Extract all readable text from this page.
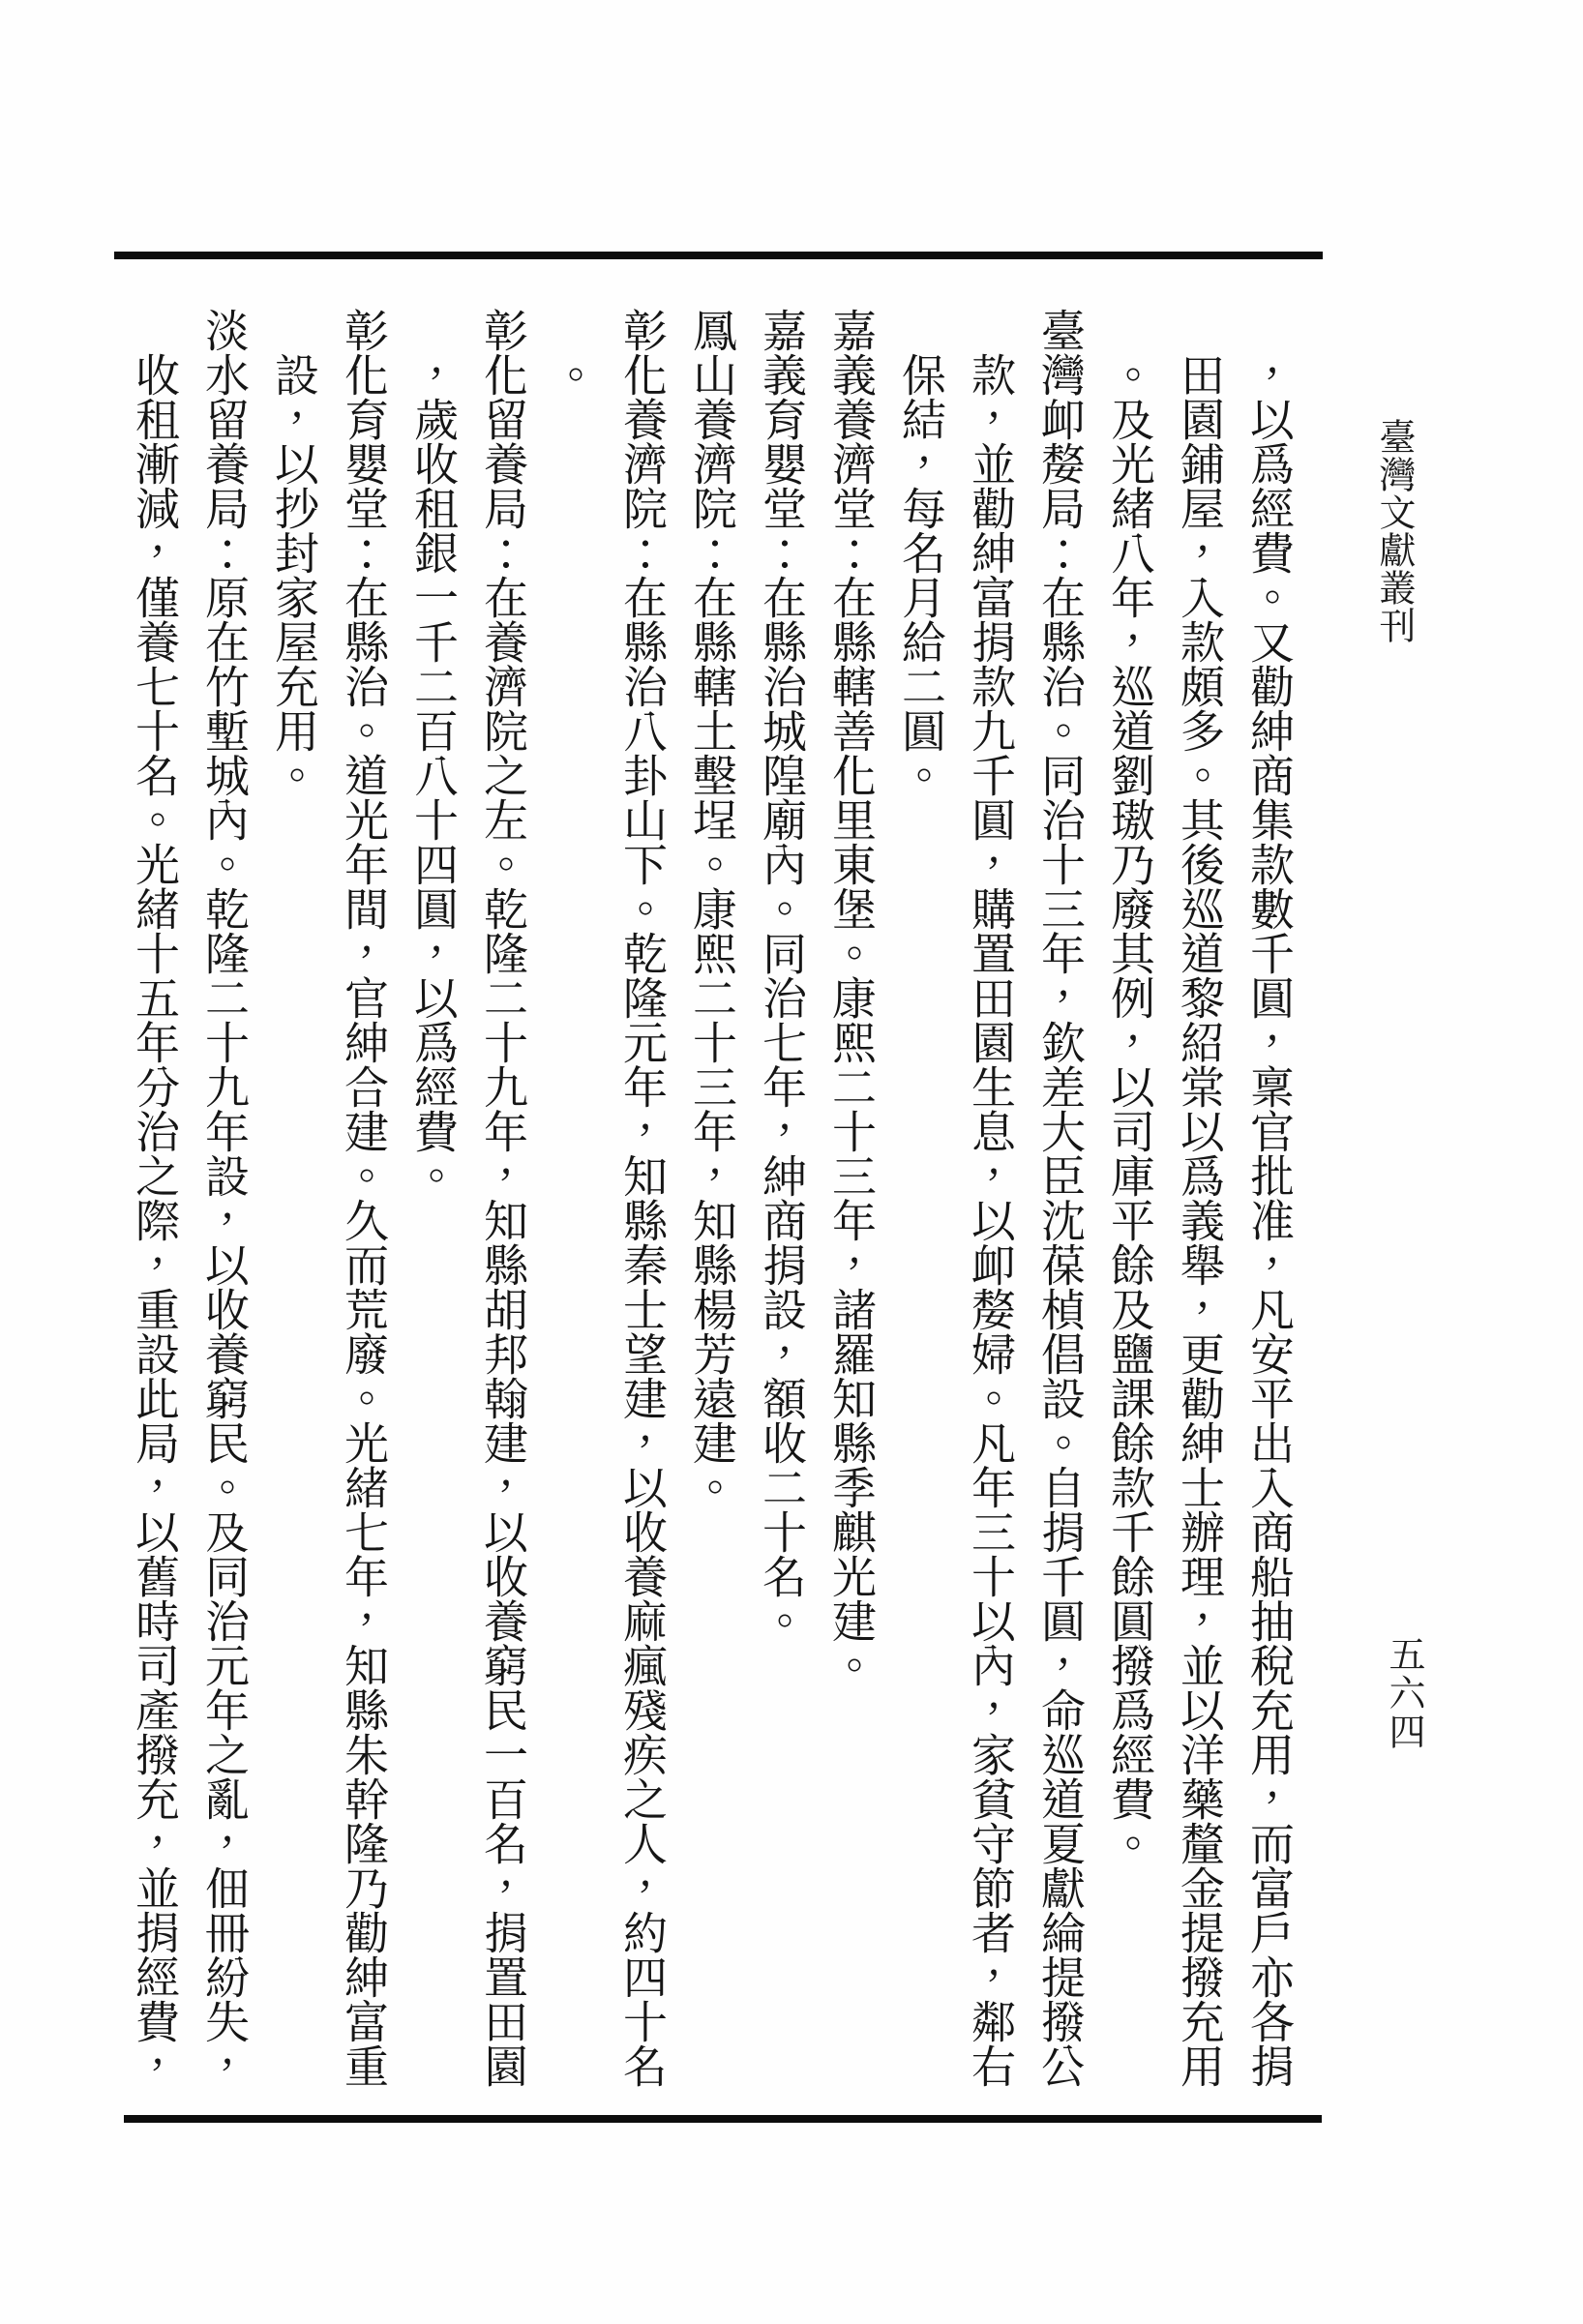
臺灣文獻叢刊
五六四

，以爲經費。又勸紳商集款數千圓，稟官批准，凡安平出入商船抽稅充用，而富戶亦各捐田園鋪屋，入款頗多。其後巡道黎紹棠以爲義舉，更勸紳士辦理，並以洋藥釐金提撥充用。及光緒八年，巡道劉璈乃廢其例，以司庫平餘及鹽課餘款千餘圓撥爲經費。

臺灣卹嫠局：在縣治。同治十三年，欽差大臣沈葆楨倡設。自捐千圓，命巡道夏獻綸提撥公款，並勸紳富捐款九千圓，購置田園生息，以卹嫠婦。凡年三十以內，家貧守節者，鄰右保結，每名月給二圓。

嘉義養濟堂：在縣轄善化里東堡。康熙二十三年，諸羅知縣季麒光建。

嘉義育嬰堂：在縣治城隍廟內。同治七年，紳商捐設，額收二十名。

鳳山養濟院：在縣轄土墼埕。康熙二十三年，知縣楊芳遠建。

彰化養濟院：在縣治八卦山下。乾隆元年，知縣秦士望建，以收養麻瘋殘疾之人，約四十名。

彰化留養局：在養濟院之左。乾隆二十九年，知縣胡邦翰建，以收養窮民一百名，捐置田園，歲收租銀一千二百八十四圓，以爲經費。

彰化育嬰堂：在縣治。道光年間，官紳合建。久而荒廢。光緒七年，知縣朱幹隆乃勸紳富重設，以抄封家屋充用。

淡水留養局：原在竹塹城內。乾隆二十九年設，以收養窮民。及同治元年之亂，佃冊紛失，收租漸減，僅養七十名。光緒十五年分治之際，重設此局，以舊時司產撥充，並捐經費，
